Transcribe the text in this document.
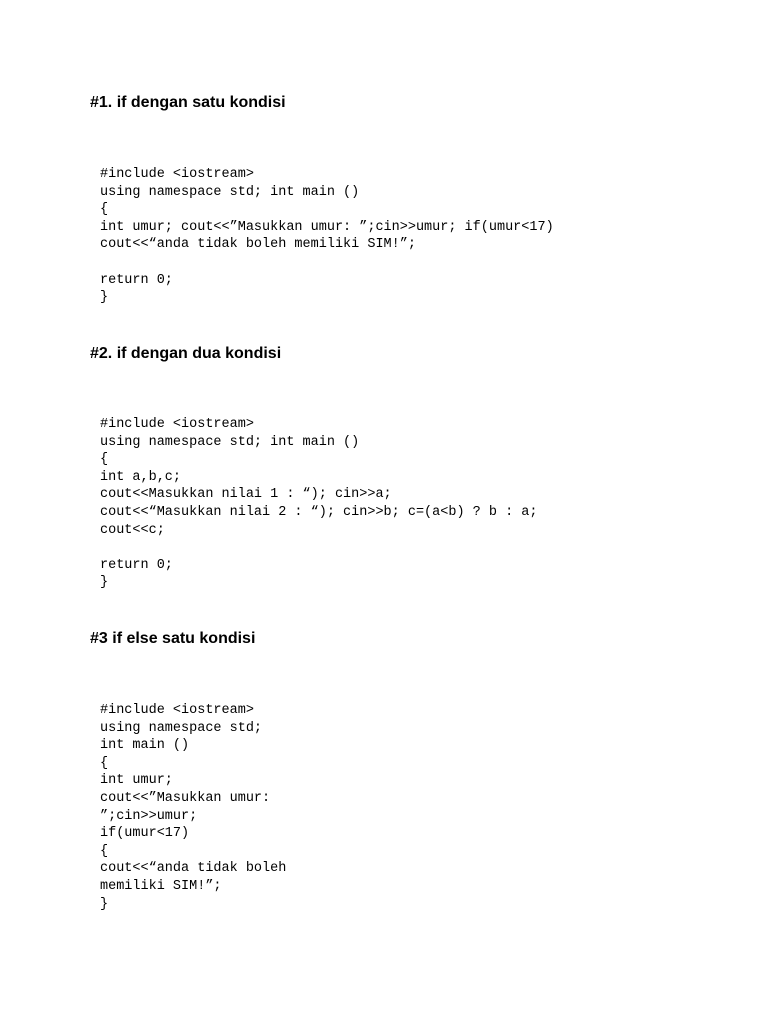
#1. if dengan satu kondisi
#include <iostream>
using namespace std; int main ()
{
int umur; cout<<”Masukkan umur: ”;cin>>umur; if(umur<17)
cout<<“anda tidak boleh memiliki SIM!”;
return 0;
}
#2. if dengan dua kondisi
#include <iostream>
using namespace std; int main ()
{
int a,b,c;
cout<<Masukkan nilai 1 : “); cin>>a;
cout<<“Masukkan nilai 2 : “); cin>>b; c=(a<b) ? b : a;
cout<<c;
return 0;
}
#3 if else satu kondisi
#include <iostream>
using namespace std;
int main ()
{
int umur;
cout<<”Masukkan umur:
”;cin>>umur;
if(umur<17)
{
cout<<“anda tidak boleh
memiliki SIM!”;
}
